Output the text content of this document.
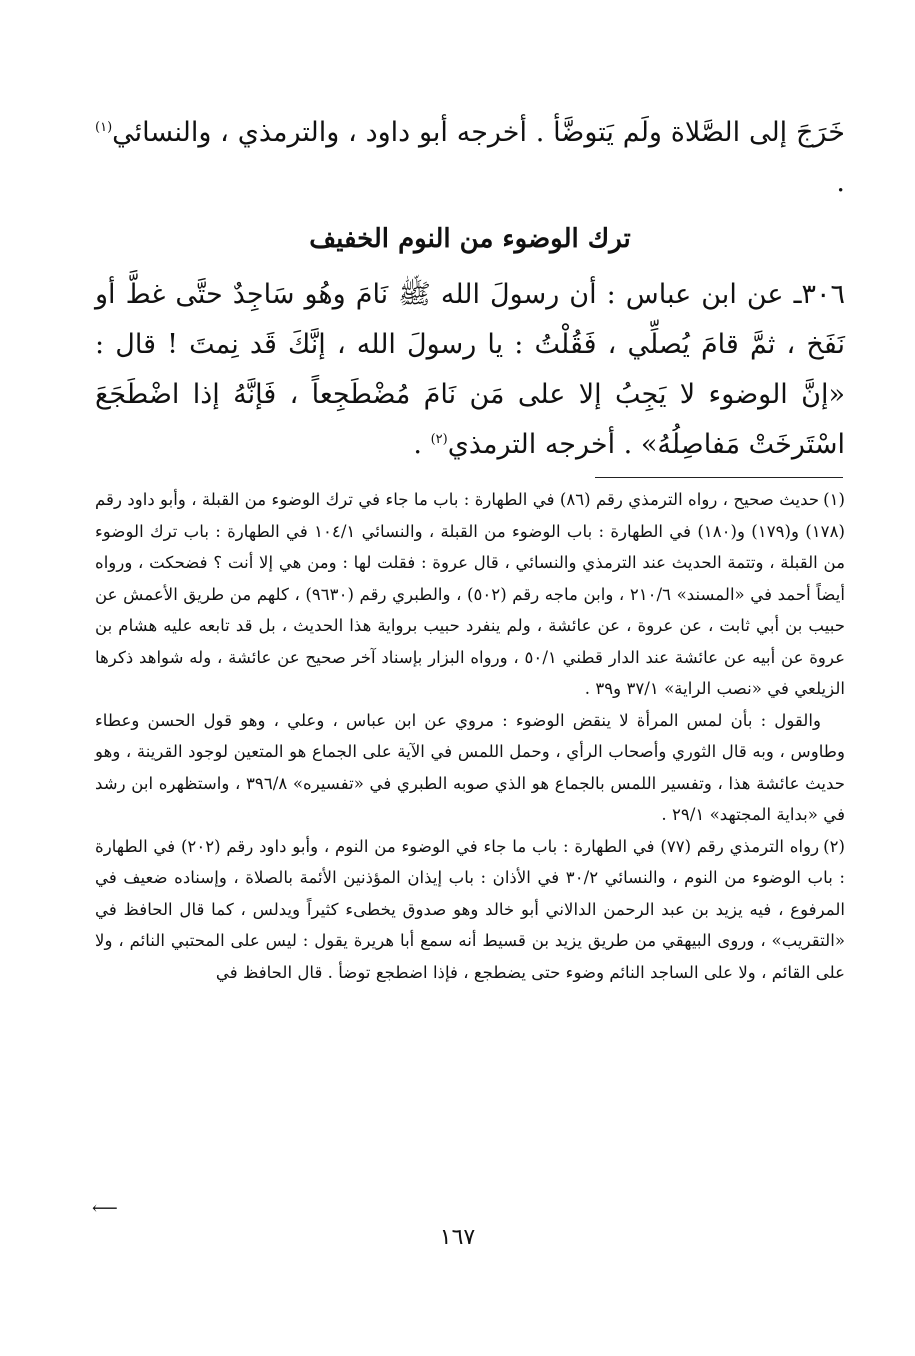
خَرَجَ إلى الصَّلاة ولَم يَتوضَّأ . أخرجه أبو داود ، والترمذي ، والنسائي$^{(١)}$ .

ترك الوضوء من النوم الخفيف

٣٠٦ـ عن ابن عباس : أن رسولَ الله ﷺ نَامَ وهُو سَاجِدٌ حتَّى غطَّ أو نَفَخ ، ثمَّ قامَ يُصلِّي ، فَقُلْتُ : يا رسولَ الله ، إنَّكَ قَد نِمتَ ! قال : «إنَّ الوضوء لا يَجِبُ إلا على مَن نَامَ مُضْطَجِعاً ، فَإنَّهُ إذا اضْطَجَعَ اسْتَرخَتْ مَفاصِلُهُ» . أخرجه الترمذي$^{(٢)}$ .

(١)حديث صحيح ، رواه الترمذي رقم (٨٦) في الطهارة : باب ما جاء في ترك الوضوء من القبلة ، وأبو داود رقم (١٧٨) و(١٧٩) و(١٨٠) في الطهارة : باب الوضوء من القبلة ، والنسائي ١٠٤/١ في الطهارة : باب ترك الوضوء من القبلة ، وتتمة الحديث عند الترمذي والنسائي ، قال عروة : فقلت لها : ومن هي إلا أنت ؟ فضحكت ، ورواه أيضاً أحمد في «المسند» ٢١٠/٦ ، وابن ماجه رقم (٥٠٢) ، والطبري رقم (٩٦٣٠) ، كلهم من طريق الأعمش عن حبيب بن أبي ثابت ، عن عروة ، عن عائشة ، ولم ينفرد حبيب برواية هذا الحديث ، بل قد تابعه عليه هشام بن عروة عن أبيه عن عائشة عند الدار قطني ٥٠/١ ، ورواه البزار بإسناد آخر صحيح عن عائشة ، وله شواهد ذكرها الزيلعي في «نصب الراية» ٣٧/١ و٣٩ .

والقول : بأن لمس المرأة لا ينقض الوضوء : مروي عن ابن عباس ، وعلي ، وهو قول الحسن وعطاء وطاوس ، وبه قال الثوري وأصحاب الرأي ، وحمل اللمس في الآية على الجماع هو المتعين لوجود القرينة ، وهو حديث عائشة هذا ، وتفسير اللمس بالجماع هو الذي صوبه الطبري في «تفسيره» ٣٩٦/٨ ، واستظهره ابن رشد في «بداية المجتهد» ٢٩/١ .

(٢)رواه الترمذي رقم (٧٧) في الطهارة : باب ما جاء في الوضوء من النوم ، وأبو داود رقم (٢٠٢) في الطهارة : باب الوضوء من النوم ، والنسائي ٣٠/٢ في الأذان : باب إيذان المؤذنين الأئمة بالصلاة ، وإسناده ضعيف في المرفوع ، فيه يزيد بن عبد الرحمن الدالاني أبو خالد وهو صدوق يخطىء كثيراً ويدلس ، كما قال الحافظ في «التقريب» ، وروى البيهقي من طريق يزيد بن قسيط أنه سمع أبا هريرة يقول : ليس على المحتبي النائم ، ولا على القائم ، ولا على الساجد النائم وضوء حتى يضطجع ، فإذا اضطجع توضأ . قال الحافظ في

⟵
١٦٧
